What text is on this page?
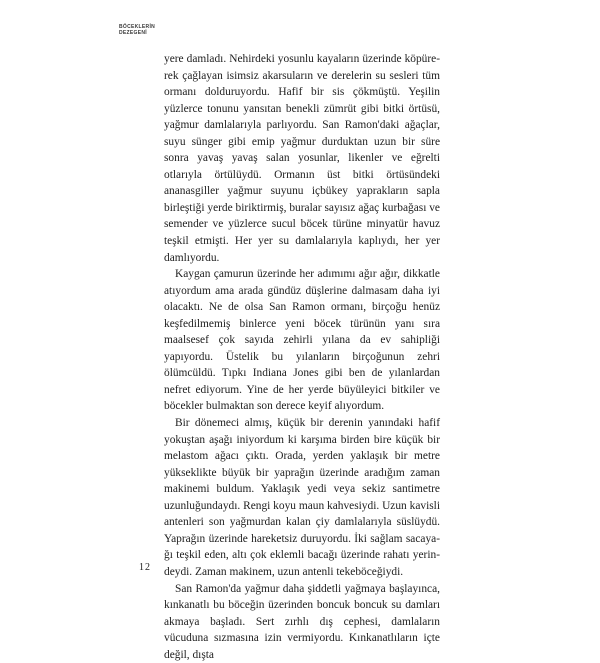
BÖCEKLERİN
DEZEGENİ

yere damladı. Nehirdeki yosunlu kayaların üzerinde köpürerek çağlayan isimsiz akarsuların ve derelerin su sesleri tüm ormanı dolduruyordu. Hafif bir sis çökmüştü. Yeşilin yüzlerce tonunu yansıtan benekli zümrüt gibi bitki örtüsü, yağmur damlalarıyla parlıyordu. San Ramon'daki ağaçlar, suyu sünger gibi emip yağmur durduktan uzun bir süre sonra yavaş yavaş salan yosunlar, likenler ve eğrelti otlarıyla örtülüydü. Ormanın üst bitki örtüsündeki ananasgiller yağmur suyunu içbükey yaprakların sapla birleştiği yerde biriktirmiş, buralar sayısız ağaç kurbağası ve semender ve yüzlerce sucul böcek türüne minyatür havuz teşkil etmişti. Her yer su damlalarıyla kaplıydı, her yer damlıyordu.

Kaygan çamurun üzerinde her adımımı ağır ağır, dikkatle atıyordum ama arada gündüz düşlerine dalmasam daha iyi olacaktı. Ne de olsa San Ramon ormanı, birçoğu henüz keşfedilmemiş binlerce yeni böcek türünün yanı sıra maalsesef çok sayıda zehirli yılana da ev sahipliği yapıyordu. Üstelik bu yılanların birçoğunun zehri ölümcüldü. Tıpkı Indiana Jones gibi ben de yılanlardan nefret ediyorum. Yine de her yerde büyüleyici bitkiler ve böcekler bulmaktan son derece keyif alıyordum.

Bir dönemeci almış, küçük bir derenin yanındaki hafif yokuştan aşağı iniyordum ki karşıma birden bire küçük bir melastom ağacı çıktı. Orada, yerden yaklaşık bir metre yükseklikte büyük bir yaprağın üzerinde aradığım zaman makinemi buldum. Yaklaşık yedi veya sekiz santimetre uzunluğundaydı. Rengi koyu maun kahvesiydi. Uzun kavisli antenleri son yağmurdan kalan çiy damlalarıyla süslüydü. Yaprağın üzerinde hareketsiz duruyordu. İki sağlam sacayağı teşkil eden, altı çok eklemli bacağı üzerinde rahatı yerindeydi. Zaman makinem, uzun antenli tekeböceğiydi.

San Ramon'da yağmur daha şiddetli yağmaya başlayınca, kınkanatlı bu böceğin üzerinden boncuk boncuk su damları akmaya başladı. Sert zırhlı dış cephesi, damlaların vücuduna sızmasına izin vermiyordu. Kınkanatlıların içte değil, dışta

12
